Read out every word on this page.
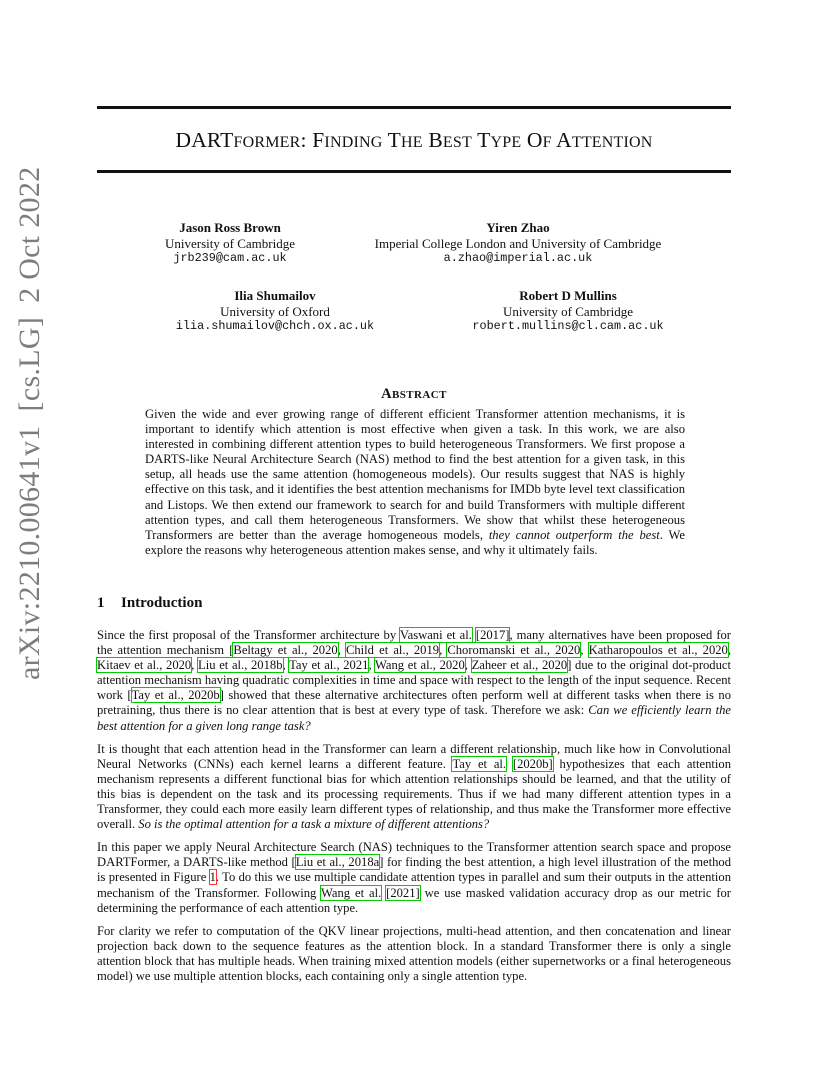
DARTFORMER: FINDING THE BEST TYPE OF ATTENTION
arXiv:2210.00641v1[cs.LG]2 Oct 2022	Jason Ross Brown
University of Cambridge
jrb239@cam.ac.uk
Yiren Zhao
Imperial College London and University of Cambridge
a.zhao@imperial.ac.uk
Ilia Shumailov
University of Oxford
ilia.shumailov@chch.ox.ac.uk
Robert D Mullins
University of Cambridge
robert.mullins@cl.cam.ac.uk
ABSTRACT
Given the wide and ever growing range of different efficient Transformer attention mechanisms, it is important to identify which attention is most effective when given a task. In this work, we are also interested in combining different attention types to build heterogeneous Transformers. We first propose a DARTS-like Neural Architecture Search (NAS) method to find the best attention for a given task, in this setup, all heads use the same attention (homogeneous models). Our results suggest that NAS is highly effective on this task, and it identifies the best attention mechanisms for IMDb byte level text classification and Listops. We then extend our framework to search for and build Transformers with multiple different attention types, and call them heterogeneous Transformers. We show that whilst these heterogeneous Transformers are better than the average homogeneous models, they cannot outperform the best. We explore the reasons why heterogeneous attention makes sense, and why it ultimately fails.
1 Introduction

Since the first proposal of the Transformer architecture by Vaswani et al. [2017], many alternatives have been proposed for the attention mechanism [Beltagy et al., 2020, Child et al., 2019, Choromanski et al., 2020, Katharopoulos et al., 2020, Kitaev et al., 2020, Liu et al., 2018b, Tay et al., 2021, Wang et al., 2020, Zaheer et al., 2020] due to the original dot-product attention mechanism having quadratic complexities in time and space with respect to the length of the input sequence. Recent work [Tay et al., 2020b] showed that these alternative architectures often perform well at different tasks when there is no pretraining, thus there is no clear attention that is best at every type of task. Therefore we ask: Can we efficiently learn the best attention for a given long range task?

It is thought that each attention head in the Transformer can learn a different relationship, much like how in Convolutional Neural Networks (CNNs) each kernel learns a different feature. Tay et al. [2020b] hypothesizes that each attention mechanism represents a different functional bias for which attention relationships should be learned, and that the utility of this bias is dependent on the task and its processing requirements. Thus if we had many different attention types in a Transformer, they could each more easily learn different types of relationship, and thus make the Transformer more effective overall. So is the optimal attention for a task a mixture of different attentions?

In this paper we apply Neural Architecture Search (NAS) techniques to the Transformer attention search space and propose DARTFormer, a DARTS-like method [Liu et al., 2018a] for finding the best attention, a high level illustration of the method is presented in Figure 1. To do this we use multiple candidate attention types in parallel and sum their outputs in the attention mechanism of the Transformer. Following Wang et al. [2021] we use masked validation accuracy drop as our metric for determining the performance of each attention type.

For clarity we refer to computation of the QKV linear projections, multi-head attention, and then concatenation and linear projection back down to the sequence features as the attention block. In a standard Transformer there is only a single attention block that has multiple heads. When training mixed attention models (either supernetworks or a final heterogeneous model) we use multiple attention blocks, each containing only a single attention type.
